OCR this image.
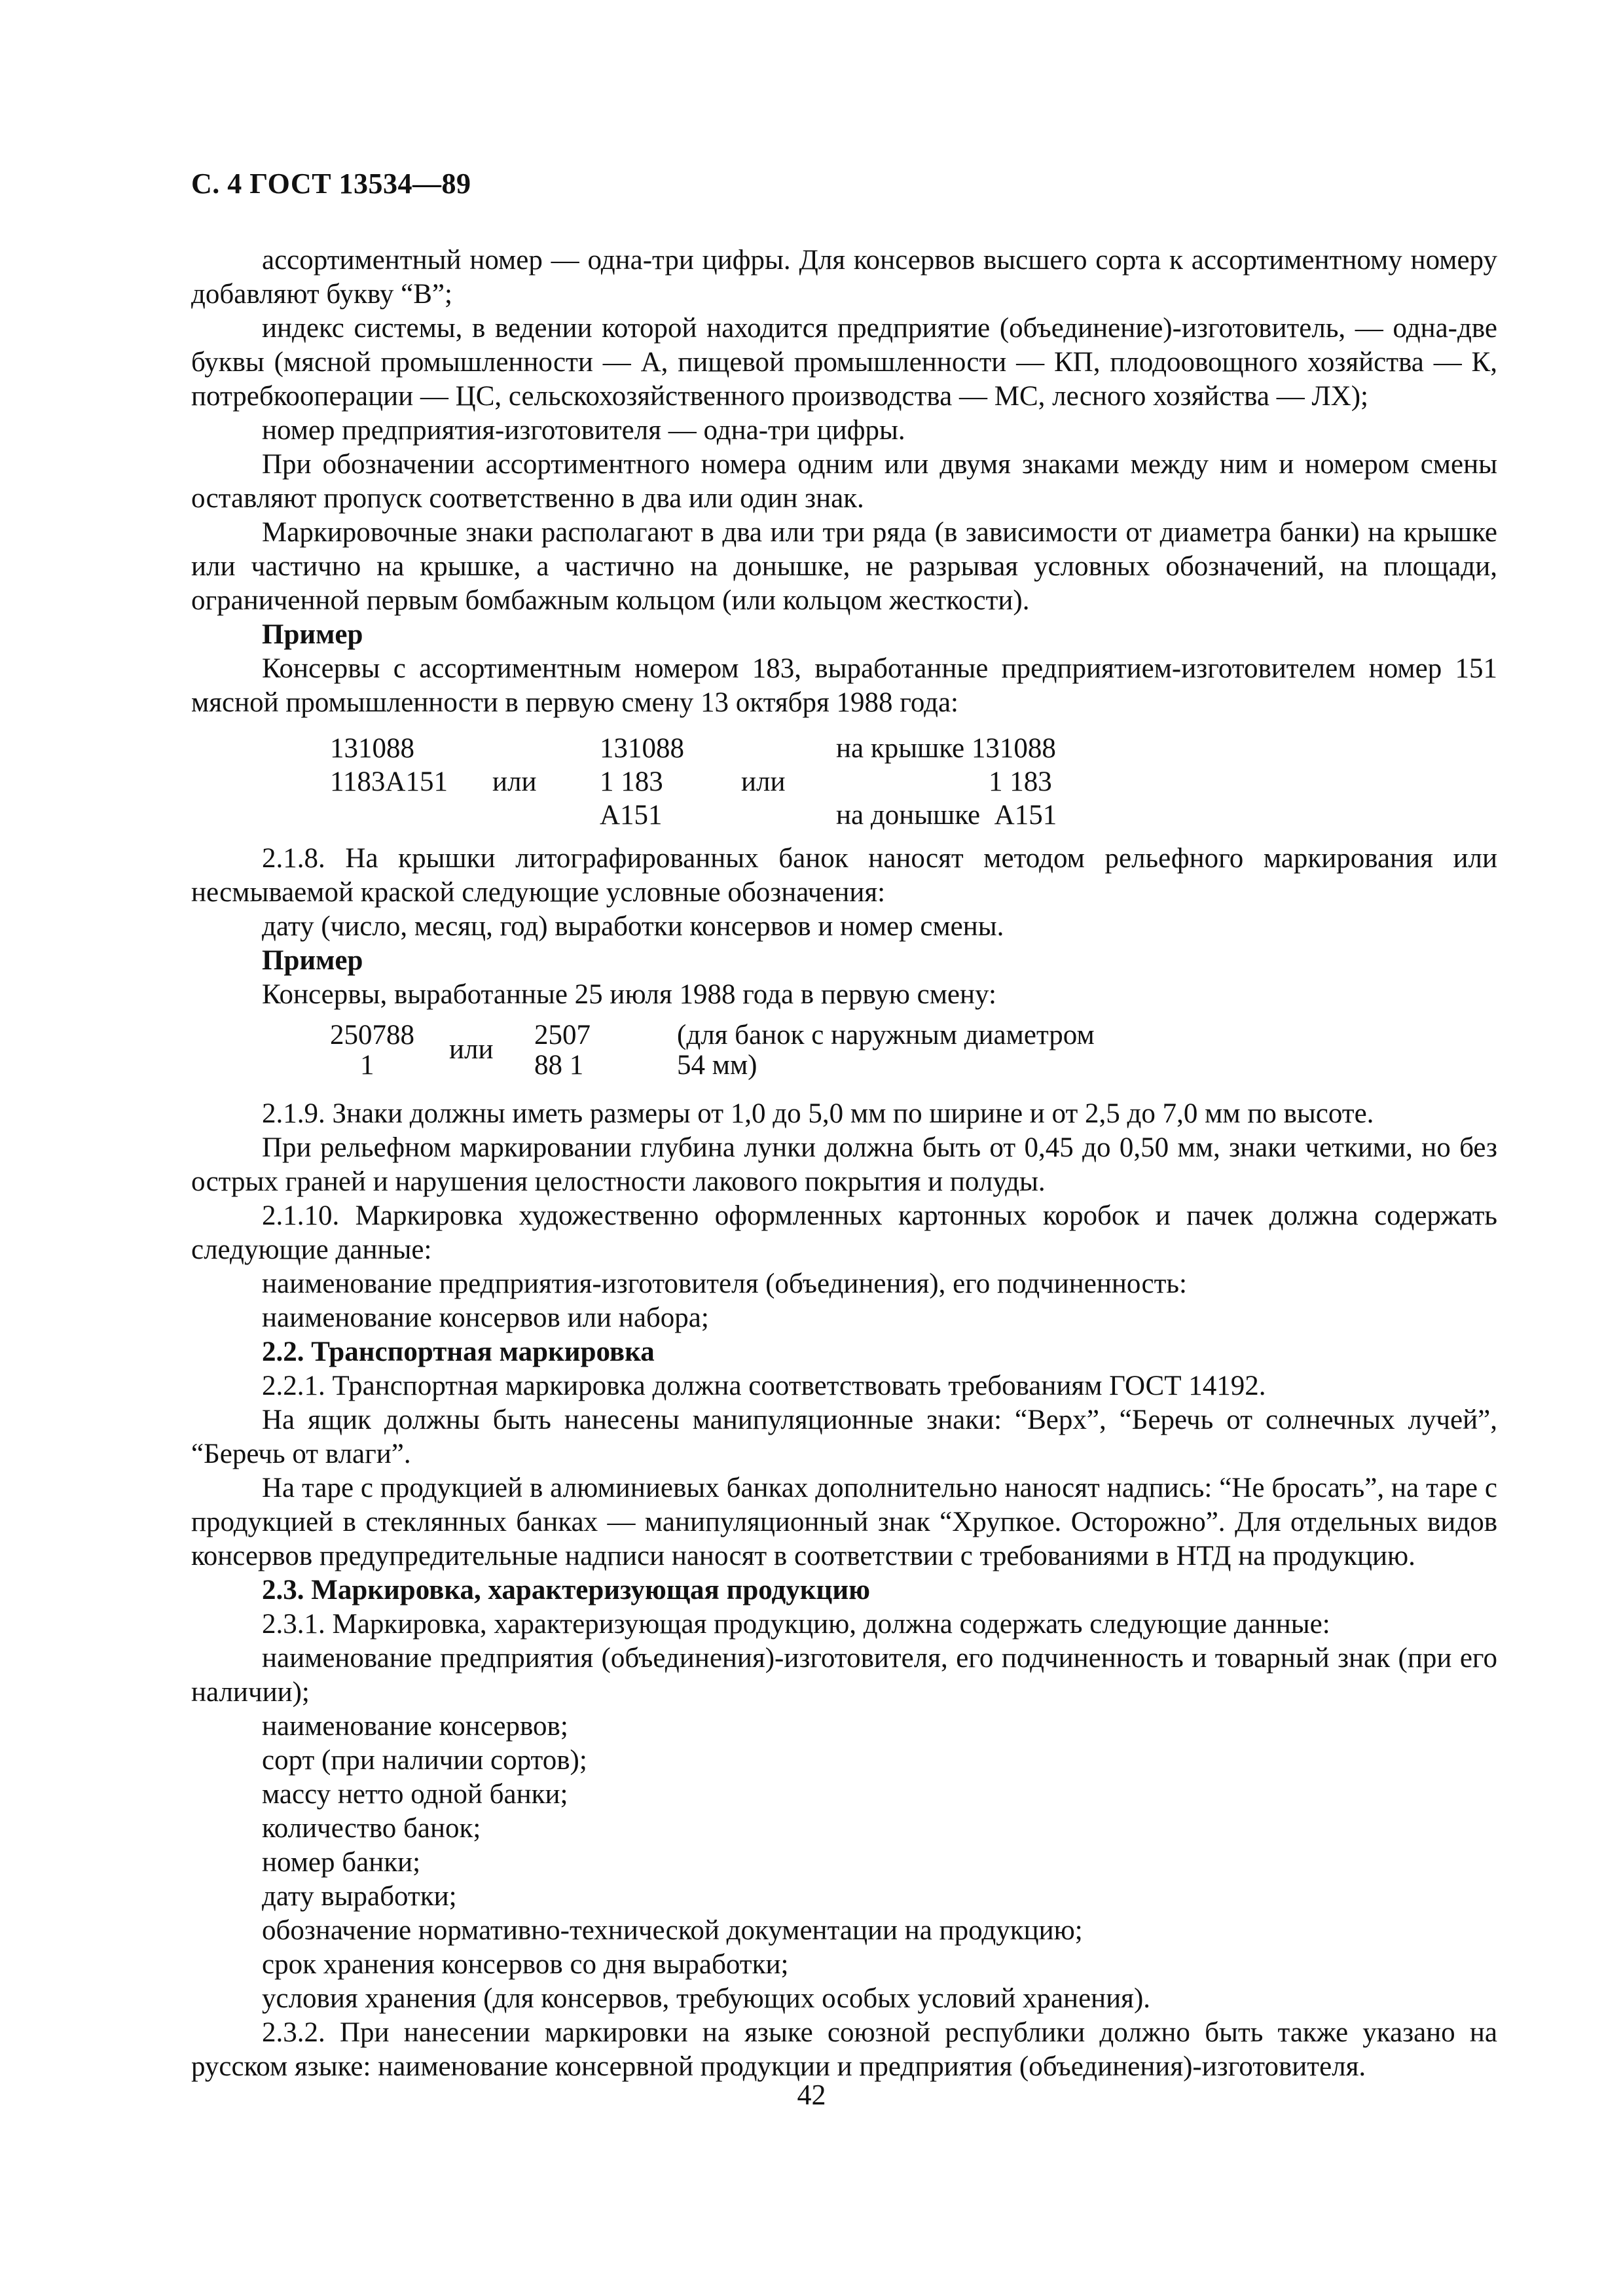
С. 4 ГОСТ 13534—89

ассортиментный номер — одна-три цифры. Для консервов высшего сорта к ассортиментному номеру добавляют букву “В”;

индекс системы, в ведении которой находится предприятие (объединение)-изготовитель, — одна-две буквы (мясной промышленности — А, пищевой промышленности — КП, плодоовощного хозяйства — К, потребкооперации — ЦС, сельскохозяйственного производства — МС, лесного хозяйства — ЛХ);

номер предприятия-изготовителя — одна-три цифры.

При обозначении ассортиментного номера одним или двумя знаками между ним и номером смены оставляют пропуск соответственно в два или один знак.

Маркировочные знаки располагают в два или три ряда (в зависимости от диаметра банки) на крышке или частично на крышке, а частично на донышке, не разрывая условных обозначений, на площади, ограниченной первым бомбажным кольцом (или кольцом жесткости).

Пример

Консервы с ассортиментным номером 183, выработанные предприятием-изготовителем номер 151 мясной промышленности в первую смену 13 октября 1988 года:

131088
1183А151 или
131088
1 183
А151
или
на крышке 131088
1 183
на донышке  А151

2.1.8. На крышки литографированных банок наносят методом рельефного маркирования или несмываемой краской следующие условные обозначения:

дату (число, месяц, год) выработки консервов и номер смены.

Пример

Консервы, выработанные 25 июля 1988 года в первую смену:

250788
1
или 2507
88 1
(для банок с наружным диаметром
54 мм)

2.1.9. Знаки должны иметь размеры от 1,0 до 5,0 мм по ширине и от 2,5 до 7,0 мм по высоте.

При рельефном маркировании глубина лунки должна быть от 0,45 до 0,50 мм, знаки четкими, но без острых граней и нарушения целостности лакового покрытия и полуды.

2.1.10. Маркировка художественно оформленных картонных коробок и пачек должна содержать следующие данные:

наименование предприятия-изготовителя (объединения), его подчиненность:

наименование консервов или набора;

2.2. Транспортная маркировка

2.2.1. Транспортная маркировка должна соответствовать требованиям ГОСТ 14192.

На ящик должны быть нанесены манипуляционные знаки: “Верх”, “Беречь от солнечных лучей”, “Беречь от влаги”.

На таре с продукцией в алюминиевых банках дополнительно наносят надпись: “Не бросать”, на таре с продукцией в стеклянных банках — манипуляционный знак “Хрупкое. Осторожно”. Для отдельных видов консервов предупредительные надписи наносят в соответствии с требованиями в НТД на продукцию.

2.3. Маркировка, характеризующая продукцию

2.3.1. Маркировка, характеризующая продукцию, должна содержать следующие данные:

наименование предприятия (объединения)-изготовителя, его подчиненность и товарный знак (при его наличии);

наименование консервов;

сорт (при наличии сортов);

массу нетто одной банки;

количество банок;

номер банки;

дату выработки;

обозначение нормативно-технической документации на продукцию;

срок хранения консервов со дня выработки;

условия хранения (для консервов, требующих особых условий хранения).

2.3.2. При нанесении маркировки на языке союзной республики должно быть также указано на русском языке: наименование консервной продукции и предприятия (объединения)-изготовителя.

42
